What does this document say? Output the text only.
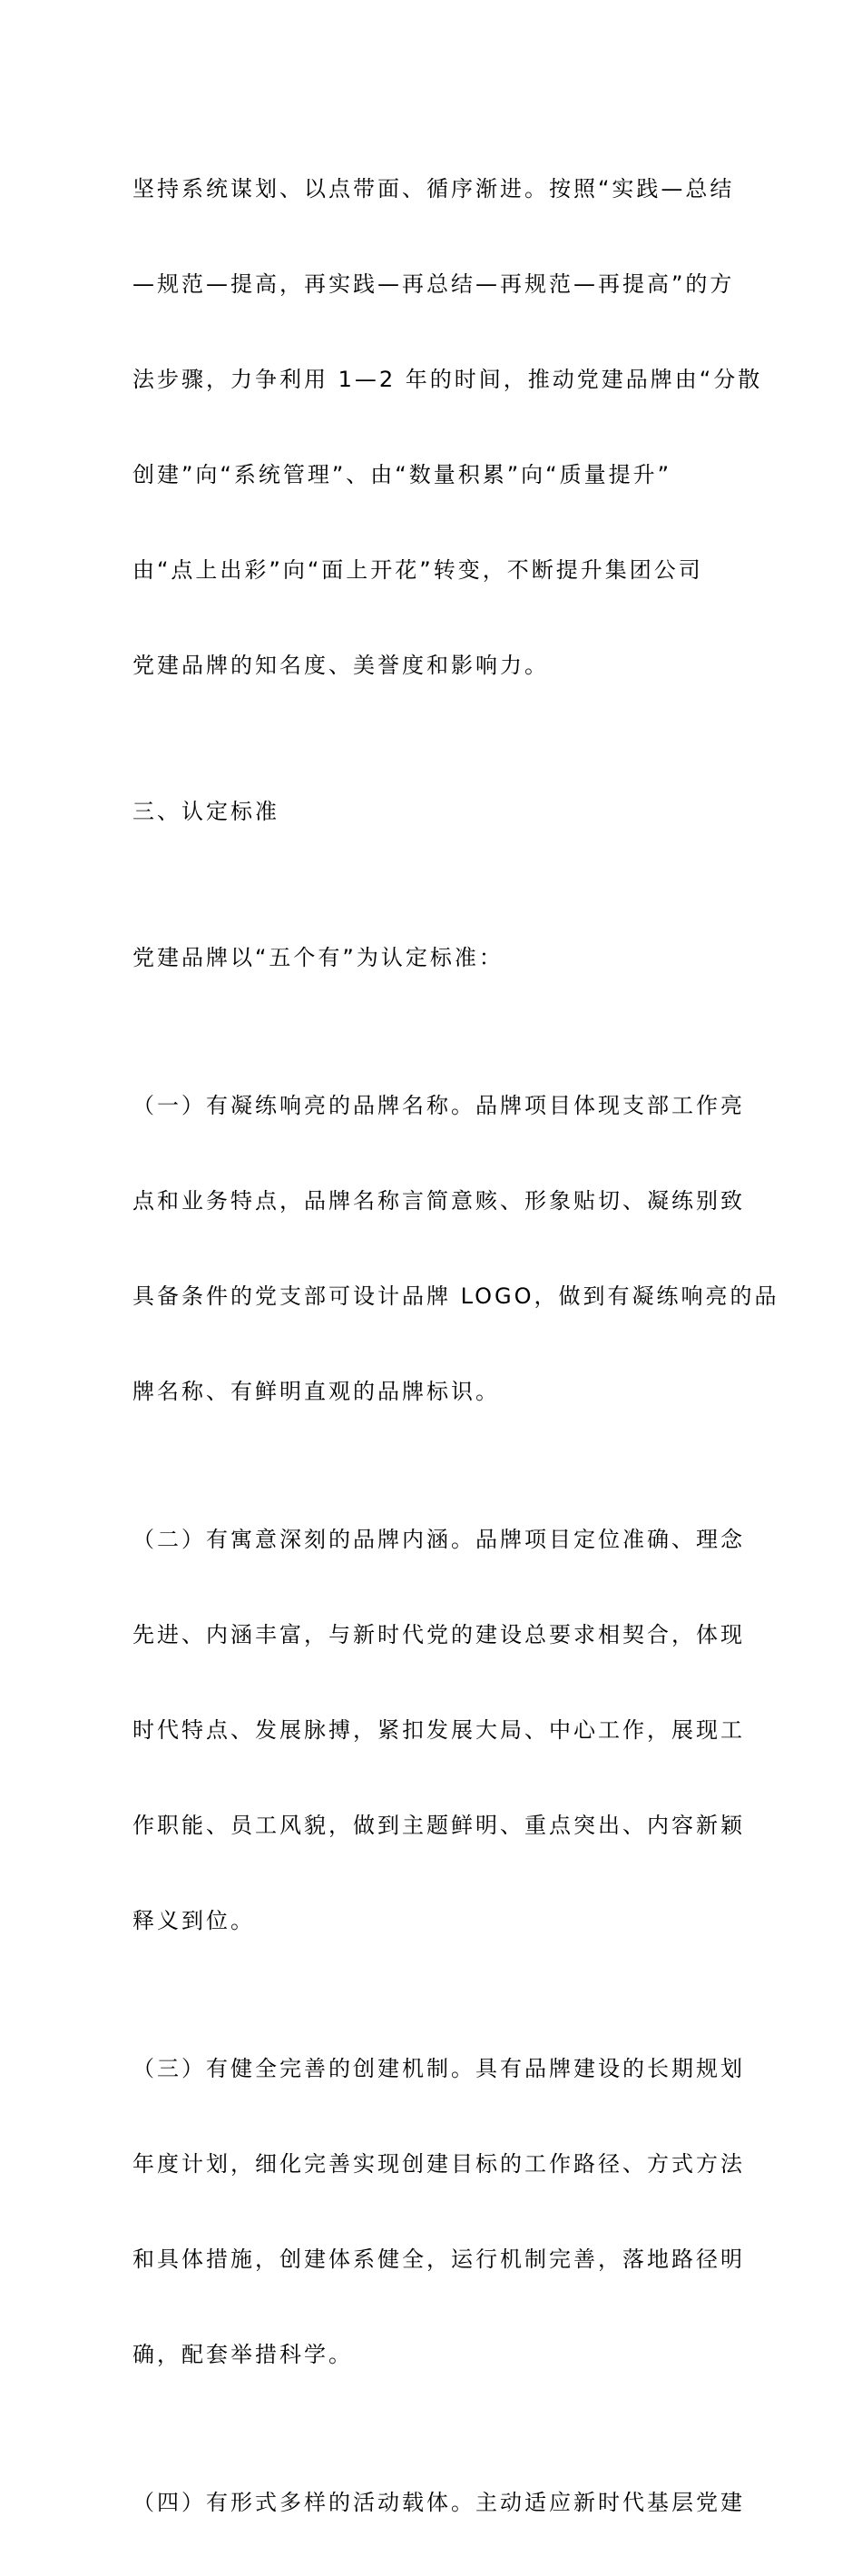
坚持系统谋划、以点带面、循序渐进。按照“实践—总结

—规范—提高，再实践—再总结—再规范—再提高”的方

法步骤，力争利用 1—2 年的时间，推动党建品牌由“分散

创建”向“系统管理”、由“数量积累”向“质量提升”

由“点上出彩”向“面上开花”转变，不断提升集团公司

党建品牌的知名度、美誉度和影响力。

三、认定标准

党建品牌以“五个有”为认定标准：

（一）有凝练响亮的品牌名称。品牌项目体现支部工作亮

点和业务特点，品牌名称言简意赅、形象贴切、凝练别致

具备条件的党支部可设计品牌 LOGO，做到有凝练响亮的品

牌名称、有鲜明直观的品牌标识。

（二）有寓意深刻的品牌内涵。品牌项目定位准确、理念

先进、内涵丰富，与新时代党的建设总要求相契合，体现

时代特点、发展脉搏，紧扣发展大局、中心工作，展现工

作职能、员工风貌，做到主题鲜明、重点突出、内容新颖

释义到位。

（三）有健全完善的创建机制。具有品牌建设的长期规划

年度计划，细化完善实现创建目标的工作路径、方式方法

和具体措施，创建体系健全，运行机制完善，落地路径明

确，配套举措科学。

（四）有形式多样的活动载体。主动适应新时代基层党建
